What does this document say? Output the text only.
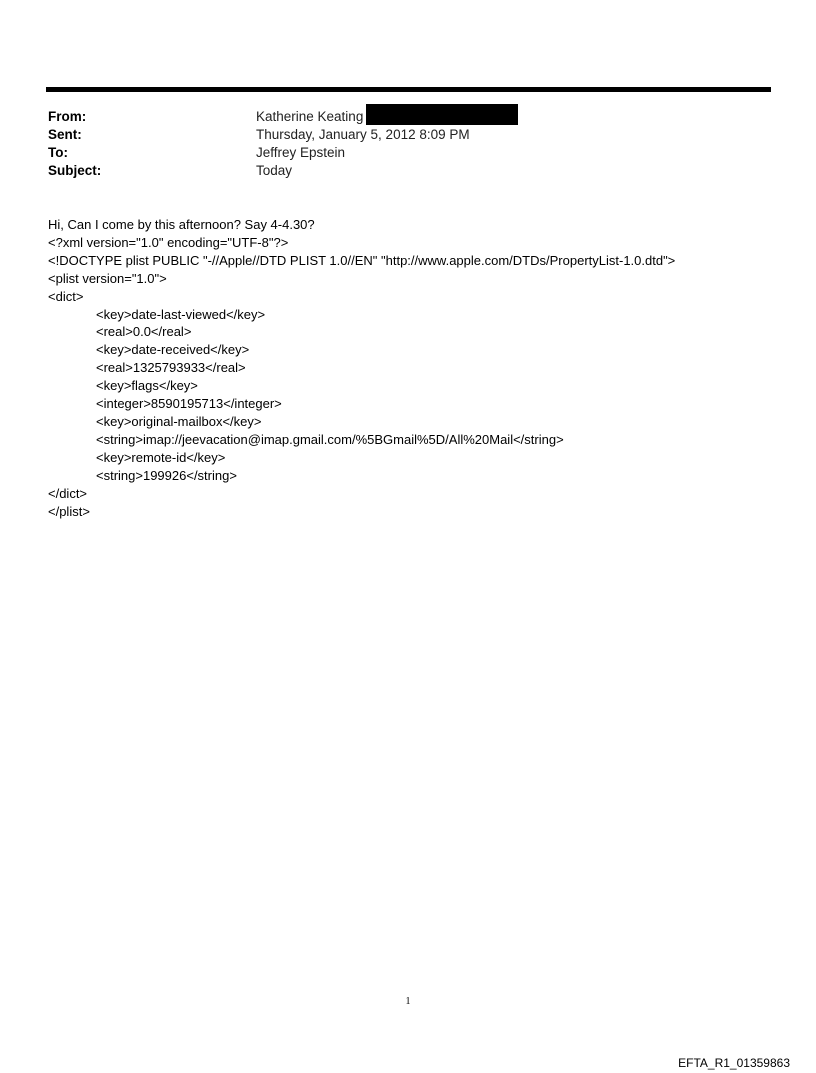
From:	Katherine Keating
Sent:	Thursday, January 5, 2012 8:09 PM
To:	Jeffrey Epstein
Subject:	Today
Hi, Can I come by this afternoon? Say 4-4.30?
<?xml version="1.0" encoding="UTF-8"?>
<!DOCTYPE plist PUBLIC "-//Apple//DTD PLIST 1.0//EN" "http://www.apple.com/DTDs/PropertyList-1.0.dtd">
<plist version="1.0">
<dict>
<key>date-last-viewed</key>
<real>0.0</real>
<key>date-received</key>
<real>1325793933</real>
<key>flags</key>
<integer>8590195713</integer>
<key>original-mailbox</key>
<string>imap://jeevacation@imap.gmail.com/%5BGmail%5D/All%20Mail</string>
<key>remote-id</key>
<string>199926</string>
</dict>
</plist>
1
EFTA_R1_01359863
